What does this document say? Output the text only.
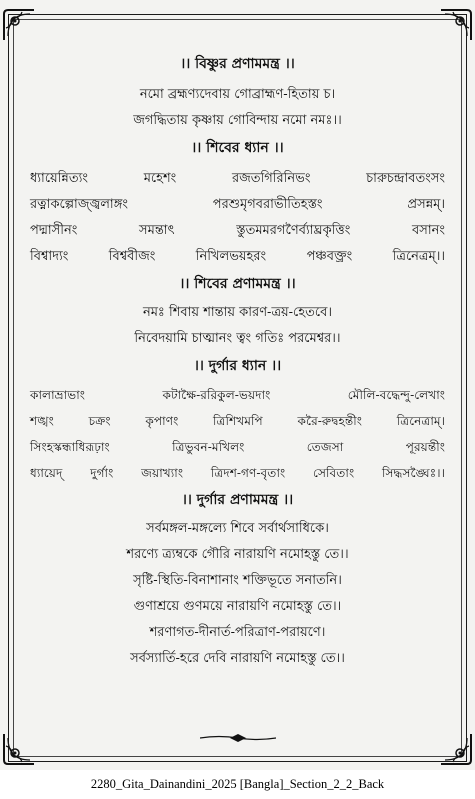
।। বিষ্ণুর প্রণামমন্ত্র ।।

নমো ব্রহ্মণ্যদেবায় গোব্রাহ্মণ-হিতায় চ।

জগদ্ধিতায় কৃষ্ণায় গোবিন্দায় নমো নমঃ।।

।। শিবের ধ্যান ।।

ধ্যায়েন্নিত্যং মহেশং রজতগিরিনিভং চারুচন্দ্রাবতংসং

রত্নাকল্পোজ্জ্বলাঙ্গং পরশুমৃগবরাভীতিহস্তং প্রসন্নম্।

পদ্মাসীনং সমন্তাৎ স্তুতমমরগণৈর্ব্যাঘ্রকৃত্তিং বসানং

বিশ্বাদ্যং বিশ্ববীজং নিখিলভয়হরং পঞ্চবক্ত্রং ত্রিনেত্রম্।।

।। শিবের প্রণামমন্ত্র ।।

নমঃ শিবায় শান্তায় কারণ-ত্রয়-হেতবে।

নিবেদয়ামি চাত্মানং ত্বং গতিঃ পরমেশ্বর।।

।। দুর্গার ধ্যান ।।

কালাভ্রাভাং কটাক্ষৈ-ররিকুল-ভয়দাং মৌলি-বদ্ধেন্দু-লেখাং

শঙ্খং চক্রং কৃপাণং ত্রিশিখমপি করৈ-রুদ্বহন্তীং ত্রিনেত্রাম্।

সিংহস্কন্ধাধিরূঢ়াং ত্রিভুবন-মখিলং তেজসা পূরয়ন্তীং

ধ্যায়েদ্ দুর্গাং জয়াখ্যাং ত্রিদশ-গণ-বৃতাং সেবিতাং সিদ্ধসঙ্ঘৈঃ।।

।। দুর্গার প্রণামমন্ত্র ।।

সর্বমঙ্গল-মঙ্গল্যে শিবে সর্বার্থসাধিকে।

শরণ্যে ত্র্যম্বকে গৌরি নারায়ণি নমোহস্তু তে।।

সৃষ্টি-স্থিতি-বিনাশানাং শক্তিভূতে সনাতনি।

গুণাশ্রয়ে গুণময়ে নারায়ণি নমোহস্তু তে।।

শরণাগত-দীনার্ত-পরিত্রাণ-পরায়ণে।

সর্বস্যার্তি-হরে দেবি নারায়ণি নমোহস্তু তে।।

2280_Gita_Dainandini_2025 [Bangla]_Section_2_2_Back
